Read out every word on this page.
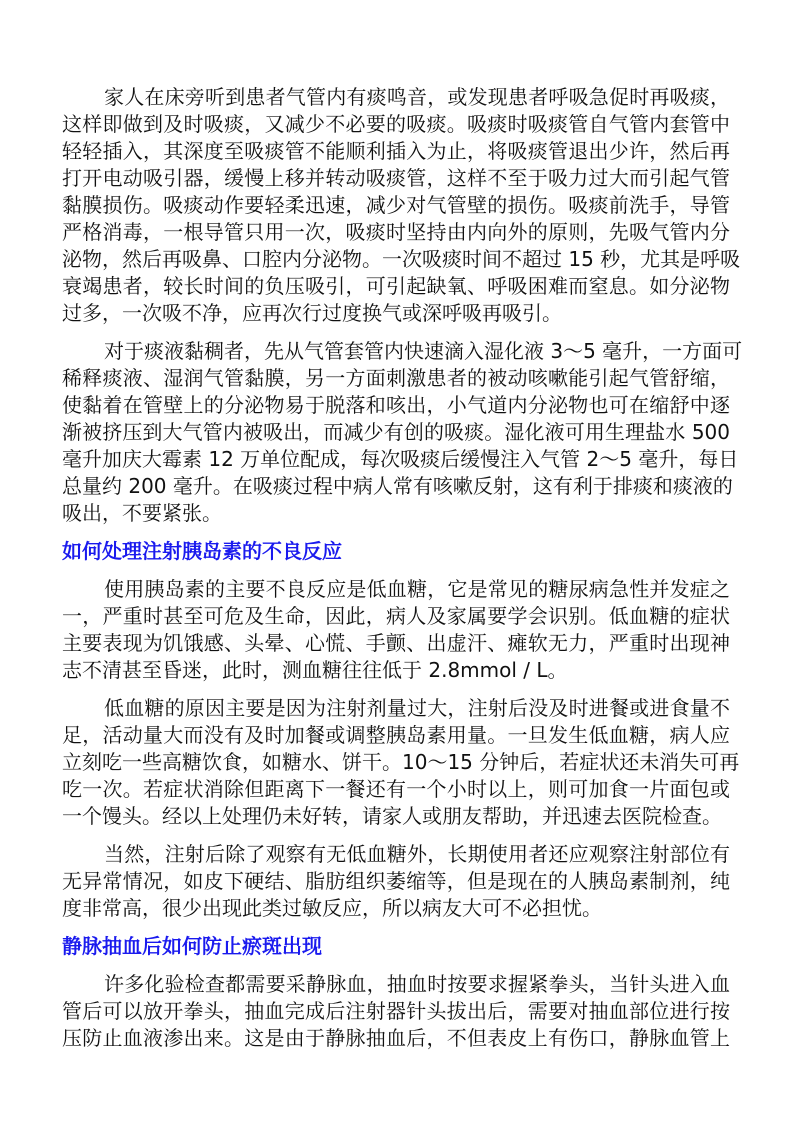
家人在床旁听到患者气管内有痰鸣音，或发现患者呼吸急促时再吸痰，
这样即做到及时吸痰，又减少不必要的吸痰。吸痰时吸痰管自气管内套管中
轻轻插入，其深度至吸痰管不能顺利插入为止，将吸痰管退出少许，然后再
打开电动吸引器，缓慢上移并转动吸痰管，这样不至于吸力过大而引起气管
黏膜损伤。吸痰动作要轻柔迅速，减少对气管壁的损伤。吸痰前洗手，导管
严格消毒，一根导管只用一次，吸痰时坚持由内向外的原则，先吸气管内分
泌物，然后再吸鼻、口腔内分泌物。一次吸痰时间不超过 15 秒，尤其是呼吸
衰竭患者，较长时间的负压吸引，可引起缺氧、呼吸困难而窒息。如分泌物
过多，一次吸不净，应再次行过度换气或深呼吸再吸引。
对于痰液黏稠者，先从气管套管内快速滴入湿化液 3～5 毫升，一方面可
稀释痰液、湿润气管黏膜，另一方面刺激患者的被动咳嗽能引起气管舒缩，
使黏着在管壁上的分泌物易于脱落和咳出，小气道内分泌物也可在缩舒中逐
渐被挤压到大气管内被吸出，而减少有创的吸痰。湿化液可用生理盐水 500
毫升加庆大霉素 12 万单位配成，每次吸痰后缓慢注入气管 2～5 毫升，每日
总量约 200 毫升。在吸痰过程中病人常有咳嗽反射，这有利于排痰和痰液的
吸出，不要紧张。
如何处理注射胰岛素的不良反应
使用胰岛素的主要不良反应是低血糖，它是常见的糖尿病急性并发症之
一，严重时甚至可危及生命，因此，病人及家属要学会识别。低血糖的症状
主要表现为饥饿感、头晕、心慌、手颤、出虚汗、瘫软无力，严重时出现神
志不清甚至昏迷，此时，测血糖往往低于 2.8mmol / L。
低血糖的原因主要是因为注射剂量过大，注射后没及时进餐或进食量不
足，活动量大而没有及时加餐或调整胰岛素用量。一旦发生低血糖，病人应
立刻吃一些高糖饮食，如糖水、饼干。10～15 分钟后，若症状还未消失可再
吃一次。若症状消除但距离下一餐还有一个小时以上，则可加食一片面包或
一个馒头。经以上处理仍未好转，请家人或朋友帮助，并迅速去医院检查。
当然，注射后除了观察有无低血糖外，长期使用者还应观察注射部位有
无异常情况，如皮下硬结、脂肪组织萎缩等，但是现在的人胰岛素制剂，纯
度非常高，很少出现此类过敏反应，所以病友大可不必担忧。
静脉抽血后如何防止瘀斑出现
许多化验检查都需要采静脉血，抽血时按要求握紧拳头，当针头进入血
管后可以放开拳头，抽血完成后注射器针头拔出后，需要对抽血部位进行按
压防止血液渗出来。这是由于静脉抽血后，不但表皮上有伤口，静脉血管上
